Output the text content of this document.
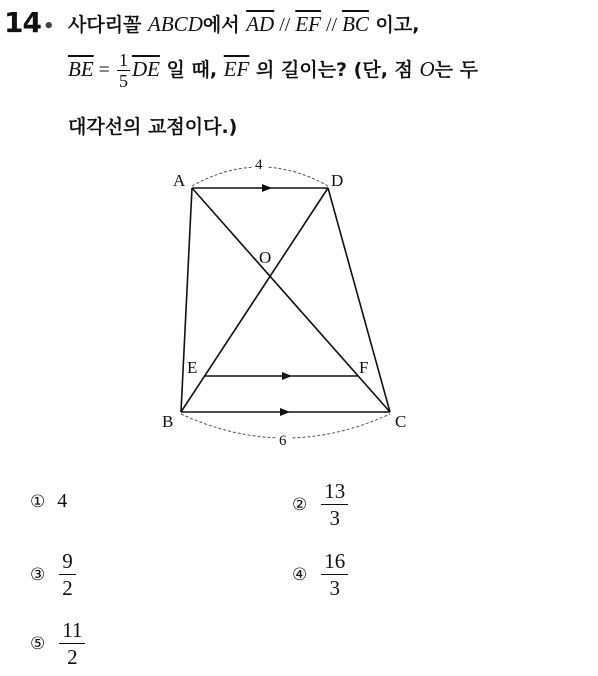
14 • 사다리꼴 ABCD에서 $\overline{AD} // \overline{EF} // \overline{BC}$ 이고,
$\overline{BE} = \frac{1}{5} \overline{DE}$ 일 때, $\overline{EF}$ 의 길이는? (단, 점 O는 두
대각선의 교점이다.)
A	D
B	C
O
E	F
4
6
① 4	② $\frac{13}{3}$
③ $\frac{9}{2}$	④ $\frac{16}{3}$
⑤ $\frac{11}{2}$
